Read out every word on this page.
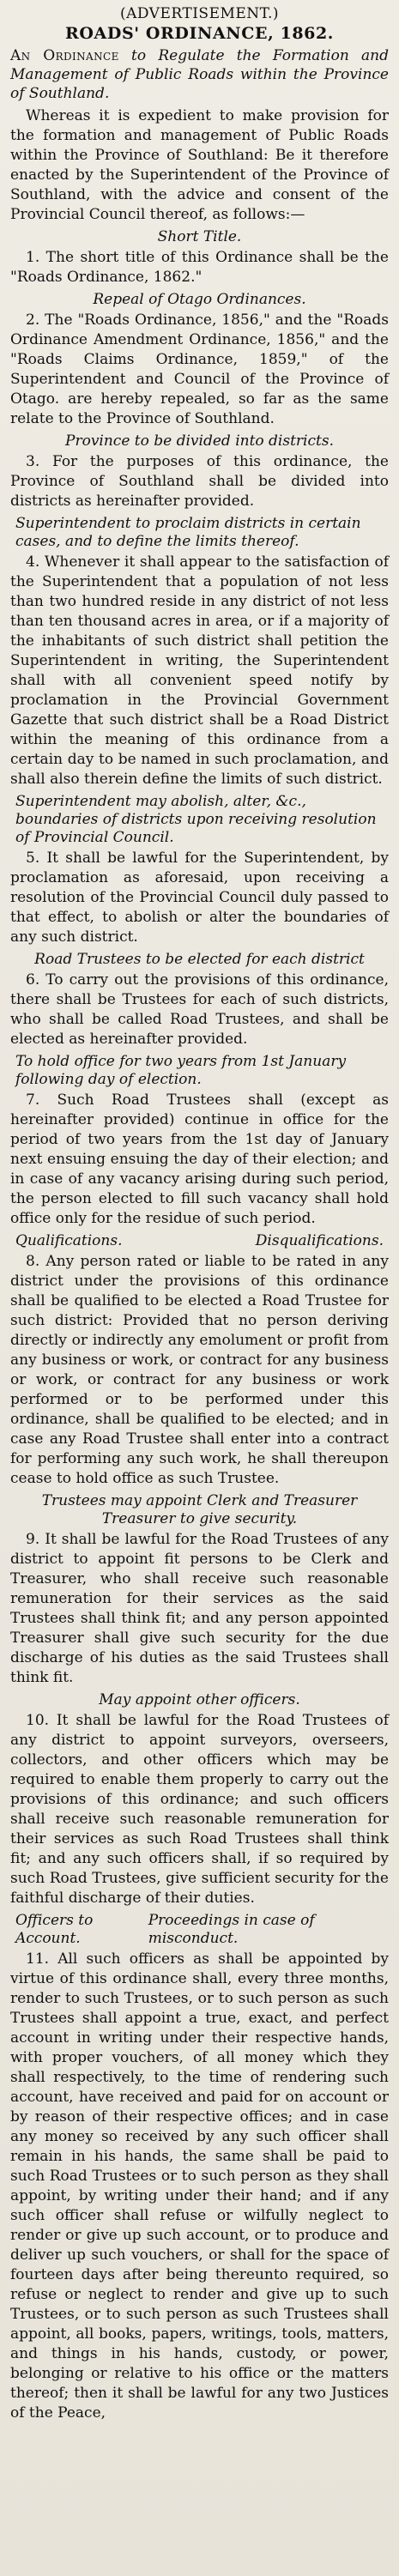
(ADVERTISEMENT.)
ROADS' ORDINANCE, 1862.

An Ordinance to Regulate the Formation and Management of Public Roads within the Province of Southland.

Whereas it is expedient to make provision for the formation and management of Public Roads within the Province of Southland: Be it therefore enacted by the Superintendent of the Province of Southland, with the advice and consent of the Provincial Council thereof, as follows:—

Short Title.

1. The short title of this Ordinance shall be the "Roads Ordinance, 1862."

Repeal of Otago Ordinances.

2. The "Roads Ordinance, 1856," and the "Roads Ordinance Amendment Ordinance, 1856," and the "Roads Claims Ordinance, 1859," of the Superintendent and Council of the Province of Otago. are hereby repealed, so far as the same relate to the Province of Southland.

Province to be divided into districts.

3. For the purposes of this ordinance, the Province of Southland shall be divided into districts as hereinafter provided.

Superintendent to proclaim districts in certain cases, and to define the limits thereof.

4. Whenever it shall appear to the satisfaction of the Superintendent that a population of not less than two hundred reside in any district of not less than ten thousand acres in area, or if a majority of the inhabitants of such district shall petition the Superintendent in writing, the Superintendent shall with all convenient speed notify by proclamation in the Provincial Government Gazette that such district shall be a Road District within the meaning of this ordinance from a certain day to be named in such proclamation, and shall also therein define the limits of such district.

Superintendent may abolish, alter, &c., boundaries of districts upon receiving resolution of Provincial Council.

5. It shall be lawful for the Superintendent, by proclamation as aforesaid, upon receiving a resolution of the Provincial Council duly passed to that effect, to abolish or alter the boundaries of any such district.

Road Trustees to be elected for each district

6. To carry out the provisions of this ordinance, there shall be Trustees for each of such districts, who shall be called Road Trustees, and shall be elected as hereinafter provided.

To hold office for two years from 1st January following day of election.

7. Such Road Trustees shall (except as hereinafter provided) continue in office for the period of two years from the 1st day of January next ensuing ensuing the day of their election; and in case of any vacancy arising during such period, the person elected to fill such vacancy shall hold office only for the residue of such period.

Qualifications.	Disqualifications.

8. Any person rated or liable to be rated in any district under the provisions of this ordinance shall be qualified to be elected a Road Trustee for such district: Provided that no person deriving directly or indirectly any emolument or profit from any business or work, or contract for any business or work, or contract for any business or work performed or to be performed under this ordinance, shall be qualified to be elected; and in case any Road Trustee shall enter into a contract for performing any such work, he shall thereupon cease to hold office as such Trustee.

Trustees may appoint Clerk and Treasurer Treasurer to give security.

9. It shall be lawful for the Road Trustees of any district to appoint fit persons to be Clerk and Treasurer, who shall receive such reasonable remuneration for their services as the said Trustees shall think fit; and any person appointed Treasurer shall give such security for the due discharge of his duties as the said Trustees shall think fit.

May appoint other officers.

10. It shall be lawful for the Road Trustees of any district to appoint surveyors, overseers, collectors, and other officers which may be required to enable them properly to carry out the provisions of this ordinance; and such officers shall receive such reasonable remuneration for their services as such Road Trustees shall think fit; and any such officers shall, if so required by such Road Trustees, give sufficient security for the faithful discharge of their duties.

Officers to Account.
Proceedings in case of misconduct.

11. All such officers as shall be appointed by virtue of this ordinance shall, every three months, render to such Trustees, or to such person as such Trustees shall appoint a true, exact, and perfect account in writing under their respective hands, with proper vouchers, of all money which they shall respectively, to the time of rendering such account, have received and paid for on account or by reason of their respective offices; and in case any money so received by any such officer shall remain in his hands, the same shall be paid to such Road Trustees or to such person as they shall appoint, by writing under their hand; and if any such officer shall refuse or wilfully neglect to render or give up such account, or to produce and deliver up such vouchers, or shall for the space of fourteen days after being thereunto required, so refuse or neglect to render and give up to such Trustees, or to such person as such Trustees shall appoint, all books, papers, writings, tools, matters, and things in his hands, custody, or power, belonging or relative to his office or the matters thereof; then it shall be lawful for any two Justices of the Peace,
